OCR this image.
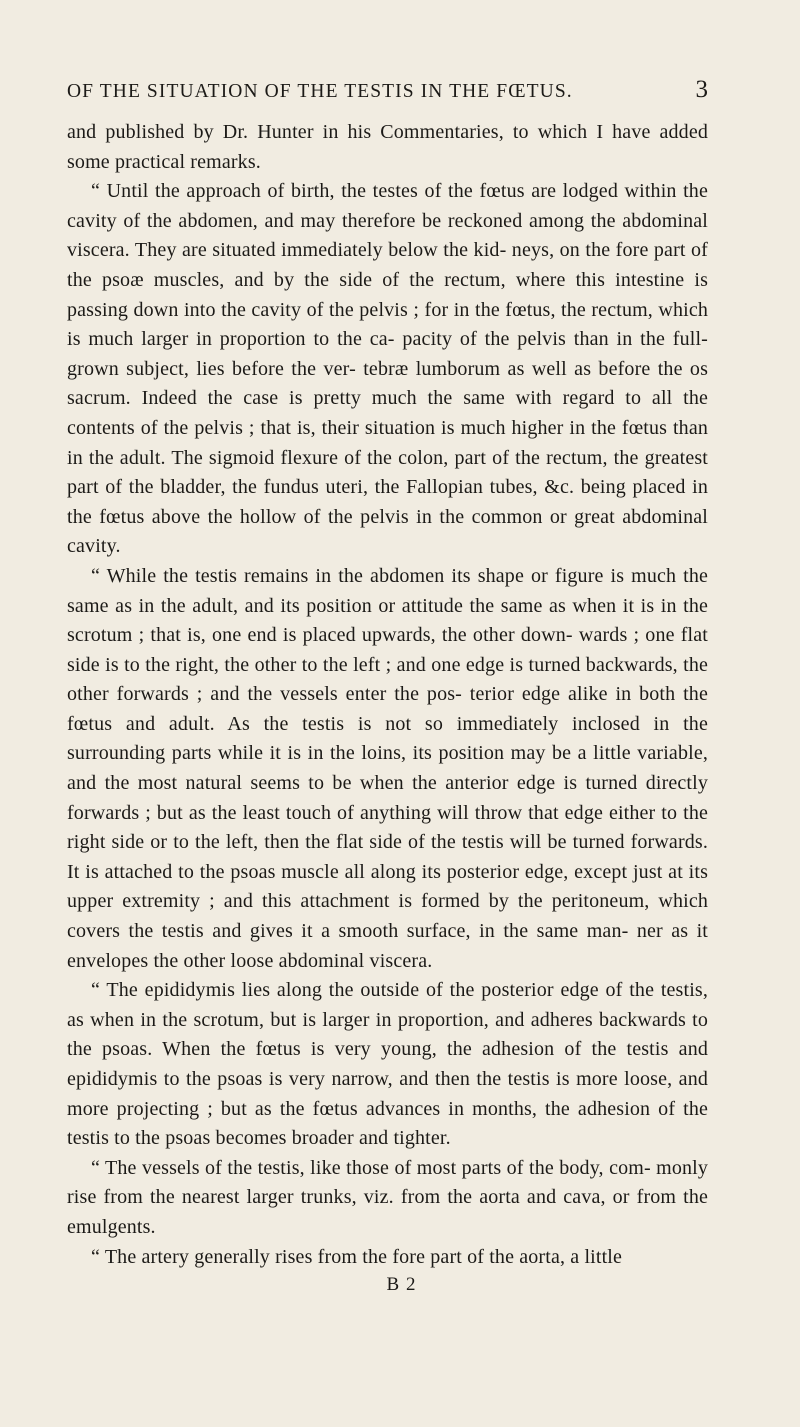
OF THE SITUATION OF THE TESTIS IN THE FŒTUS.	3

and published by Dr. Hunter in his Commentaries, to which I have added some practical remarks.

“ Until the approach of birth, the testes of the fœtus are lodged within the cavity of the abdomen, and may therefore be reckoned among the abdominal viscera. They are situated immediately below the kid- neys, on the fore part of the psoæ muscles, and by the side of the rectum, where this intestine is passing down into the cavity of the pelvis ; for in the fœtus, the rectum, which is much larger in proportion to the ca- pacity of the pelvis than in the full-grown subject, lies before the ver- tebræ lumborum as well as before the os sacrum. Indeed the case is pretty much the same with regard to all the contents of the pelvis ; that is, their situation is much higher in the fœtus than in the adult. The sigmoid flexure of the colon, part of the rectum, the greatest part of the bladder, the fundus uteri, the Fallopian tubes, &c. being placed in the fœtus above the hollow of the pelvis in the common or great abdominal cavity.

“ While the testis remains in the abdomen its shape or figure is much the same as in the adult, and its position or attitude the same as when it is in the scrotum ; that is, one end is placed upwards, the other down- wards ; one flat side is to the right, the other to the left ; and one edge is turned backwards, the other forwards ; and the vessels enter the pos- terior edge alike in both the fœtus and adult. As the testis is not so immediately inclosed in the surrounding parts while it is in the loins, its position may be a little variable, and the most natural seems to be when the anterior edge is turned directly forwards ; but as the least touch of anything will throw that edge either to the right side or to the left, then the flat side of the testis will be turned forwards. It is attached to the psoas muscle all along its posterior edge, except just at its upper extremity ; and this attachment is formed by the peritoneum, which covers the testis and gives it a smooth surface, in the same man- ner as it envelopes the other loose abdominal viscera.

“ The epididymis lies along the outside of the posterior edge of the testis, as when in the scrotum, but is larger in proportion, and adheres backwards to the psoas. When the fœtus is very young, the adhesion of the testis and epididymis to the psoas is very narrow, and then the testis is more loose, and more projecting ; but as the fœtus advances in months, the adhesion of the testis to the psoas becomes broader and tighter.

“ The vessels of the testis, like those of most parts of the body, com- monly rise from the nearest larger trunks, viz. from the aorta and cava, or from the emulgents.

“ The artery generally rises from the fore part of the aorta, a little

B 2
